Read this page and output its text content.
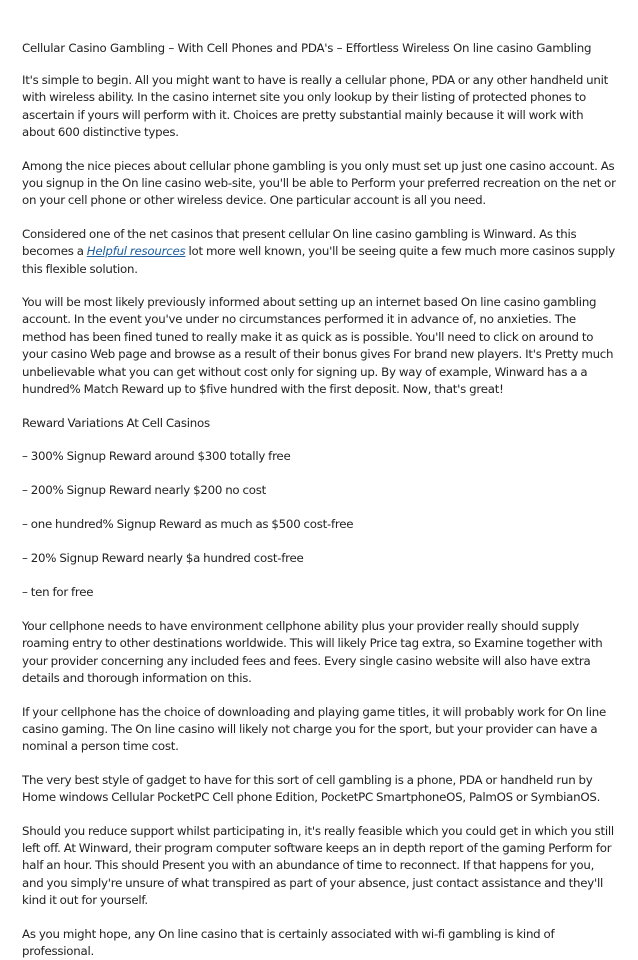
Cellular Casino Gambling – With Cell Phones and PDA's – Effortless Wireless On line casino Gambling

It's simple to begin. All you might want to have is really a cellular phone, PDA or any other handheld unit with wireless ability. In the casino internet site you only lookup by their listing of protected phones to ascertain if yours will perform with it. Choices are pretty substantial mainly because it will work with about 600 distinctive types.

Among the nice pieces about cellular phone gambling is you only must set up just one casino account. As you signup in the On line casino web-site, you'll be able to Perform your preferred recreation on the net or on your cell phone or other wireless device. One particular account is all you need.

Considered one of the net casinos that present cellular On line casino gambling is Winward. As this becomes a Helpful resources lot more well known, you'll be seeing quite a few much more casinos supply this flexible solution.

You will be most likely previously informed about setting up an internet based On line casino gambling account. In the event you've under no circumstances performed it in advance of, no anxieties. The method has been fined tuned to really make it as quick as is possible. You'll need to click on around to your casino Web page and browse as a result of their bonus gives For brand new players. It's Pretty much unbelievable what you can get without cost only for signing up. By way of example, Winward has a a hundred% Match Reward up to $five hundred with the first deposit. Now, that's great!

Reward Variations At Cell Casinos

– 300% Signup Reward around $300 totally free

– 200% Signup Reward nearly $200 no cost

– one hundred% Signup Reward as much as $500 cost-free

– 20% Signup Reward nearly $a hundred cost-free

– ten for free

Your cellphone needs to have environment cellphone ability plus your provider really should supply roaming entry to other destinations worldwide. This will likely Price tag extra, so Examine together with your provider concerning any included fees and fees. Every single casino website will also have extra details and thorough information on this.

If your cellphone has the choice of downloading and playing game titles, it will probably work for On line casino gaming. The On line casino will likely not charge you for the sport, but your provider can have a nominal a person time cost.

The very best style of gadget to have for this sort of cell gambling is a phone, PDA or handheld run by Home windows Cellular PocketPC Cell phone Edition, PocketPC SmartphoneOS, PalmOS or SymbianOS.

Should you reduce support whilst participating in, it's really feasible which you could get in which you still left off. At Winward, their program computer software keeps an in depth report of the gaming Perform for half an hour. This should Present you with an abundance of time to reconnect. If that happens for you, and you simply're unsure of what transpired as part of your absence, just contact assistance and they'll kind it out for yourself.

As you might hope, any On line casino that is certainly associated with wi-fi gambling is kind of professional.
